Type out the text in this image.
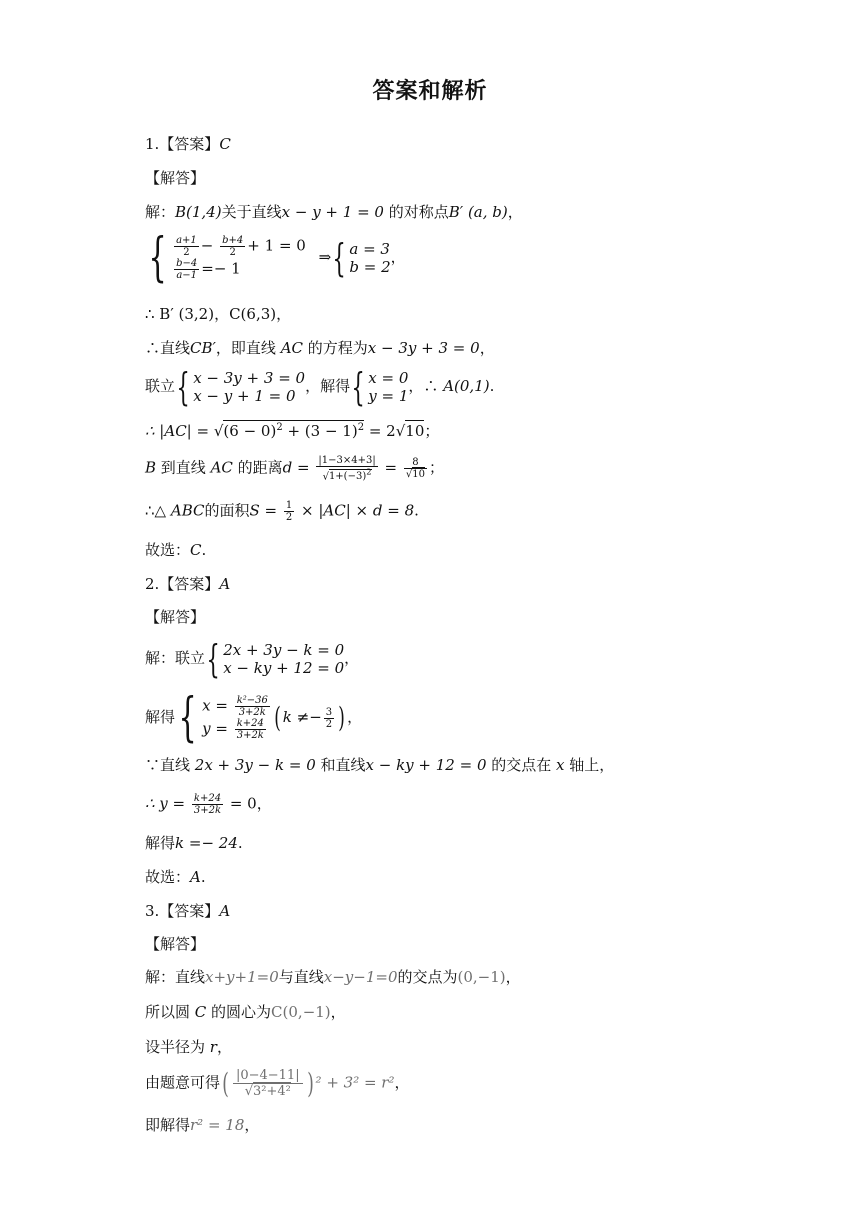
答案和解析
1.【答案】C
【解答】
解：B(1,4)关于直线x − y + 1 = 0 的对称点B′ (a, b)，
{ $\frac{a+1}{2} - \frac{b+4}{2} + 1 = 0$
$\frac{b-4}{a-1} =- 1$
⇒{ a = 3
b = 2
，
∴ B′ (3,2)，C(6,3)，
∴直线CB′，即直线 AC 的方程为x − 3y + 3 = 0，
联立{ x − 3y + 3 = 0
x − y + 1 = 0
，解得{ x = 0
y = 1
，∴ A(0,1).
∴ $|AC| = √(6 - 0)^2 + (3 - 1)^2 = 2√10$；
B 到直线 AC 的距离$d = \frac{|1-3\times 4+3|}{√1+(-3)^2} = \frac{8}{√10}$ ；
∴△ ABC的面积$S = \frac{1}{2} \times |AC| \times d = 8$.
故选：C.
2.【答案】A
【解答】
解：联立{ 2x + 3y − k = 0
x − ky + 12 = 0
，
解得{ $x = \frac{\text{k²−36}}{3+2k}$
$y = \frac{k+24}{3+2k}$ ( $k \ne- \frac{3}{2}$ ) ，
∵直线 2x + 3y − k = 0 和直线x − ky + 12 = 0 的交点在 x 轴上，
∴ $y = \frac{k+24}{3+2k} = 0$，
解得k =− 24.
故选：A.
3.【答案】A
【解答】
解：直线x+y+1=0与直线x−y−1=0的交点为(0,−1)，
所以圆 C 的圆心为C(0,−1)，
设半径为 r，
由题意可得( $\frac{|0-4-11|}{\text{√3²+4²}}$ ) ² + 3² = r²，
即解得r² = 18，
